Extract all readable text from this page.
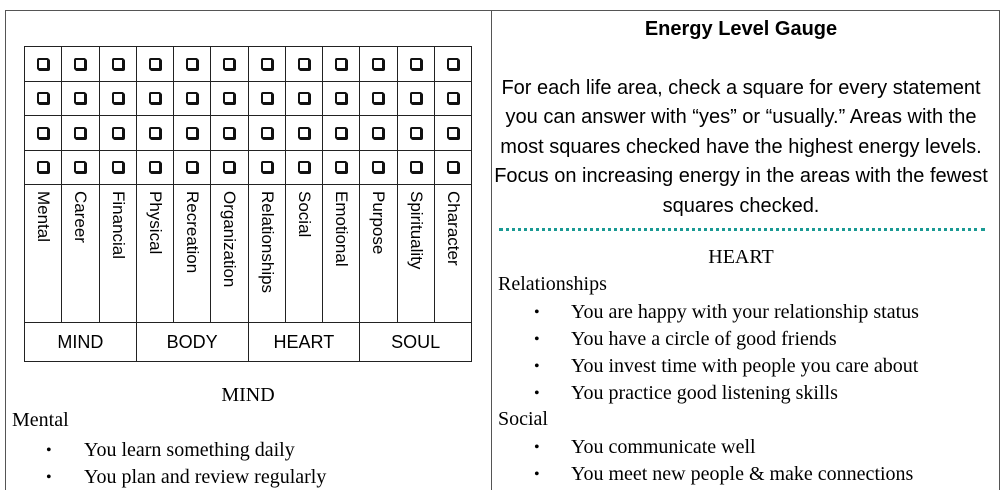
Mental Career Financial Physical Recreation Organization Relationships Social Emotional Purpose Spirituality Character
MIND	BODY	HEART	SOUL
MIND
Mental
• You learn something daily
• You plan and review regularly
Energy Level Gauge
For each life area, check a square for every statement you can answer with “yes” or “usually.” Areas with the most squares checked have the highest energy levels. Focus on increasing energy in the areas with the fewest squares checked.
HEART
Relationships
• You are happy with your relationship status
• You have a circle of good friends
• You invest time with people you care about
• You practice good listening skills
Social
• You communicate well
• You meet new people & make connections
